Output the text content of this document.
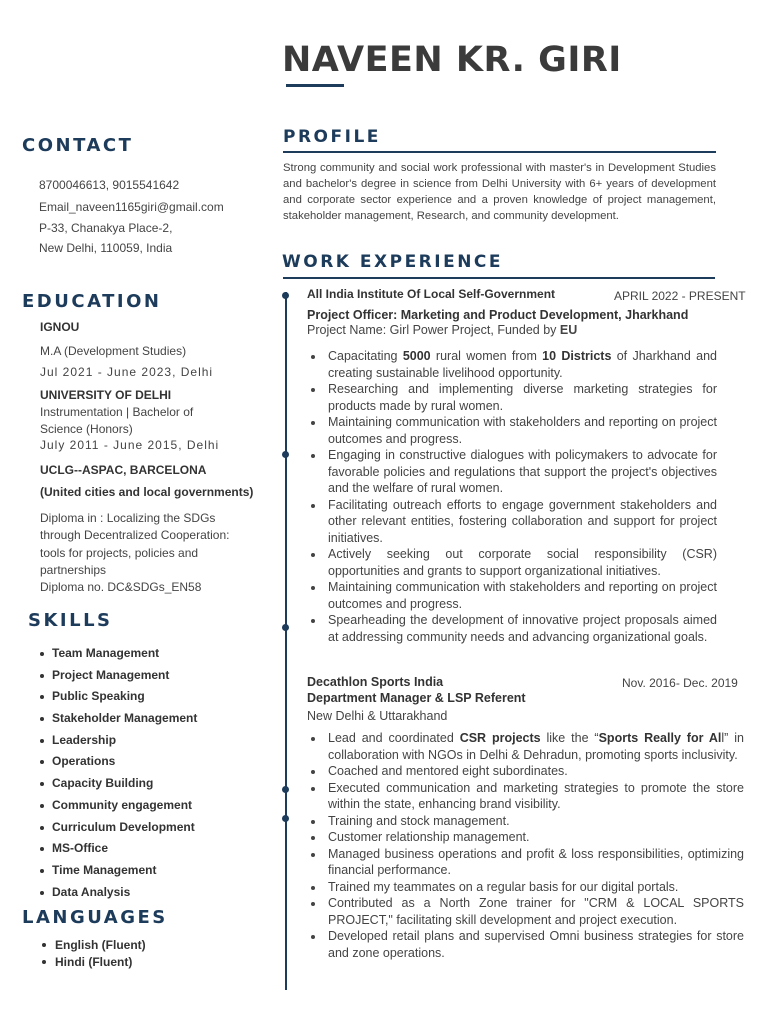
NAVEEN KR. GIRI
CONTACT
8700046613, 9015541642
Email_naveen1165giri@gmail.com
P-33, Chanakya Place-2,
New Delhi, 110059, India
EDUCATION
IGNOU
M.A (Development Studies)
Jul 2021 - June 2023, Delhi
UNIVERSITY OF DELHI
Instrumentation | Bachelor of
Science (Honors)
July 2011 - June 2015, Delhi
UCLG--ASPAC, BARCELONA
(United cities and local governments)
Diploma in : Localizing the SDGs
through Decentralized Cooperation:
tools for projects, policies and
partnerships
Diploma no. DC&SDGs_EN58
SKILLS
Team Management
Project Management
Public Speaking
Stakeholder Management
Leadership
Operations
Capacity Building
Community engagement
Curriculum Development
MS-Office
Time Management
Data Analysis
LANGUAGES
English (Fluent)
Hindi (Fluent)
PROFILE
Strong community and social work professional with master's in Development Studies and bachelor's degree in science from Delhi University with 6+ years of development and corporate sector experience and a proven knowledge of project management, stakeholder management, Research, and community development.
WORK EXPERIENCE
All India Institute Of Local Self-Government	APRIL 2022 - PRESENT
Project Officer: Marketing and Product Development, Jharkhand
Project Name: Girl Power Project, Funded by EU
Capacitating 5000 rural women from 10 Districts of Jharkhand and creating sustainable livelihood opportunity.
Researching and implementing diverse marketing strategies for products made by rural women.
Maintaining communication with stakeholders and reporting on project outcomes and progress.
Engaging in constructive dialogues with policymakers to advocate for favorable policies and regulations that support the project's objectives and the welfare of rural women.
Facilitating outreach efforts to engage government stakeholders and other relevant entities, fostering collaboration and support for project initiatives.
Actively seeking out corporate social responsibility (CSR) opportunities and grants to support organizational initiatives.
Maintaining communication with stakeholders and reporting on project outcomes and progress.
Spearheading the development of innovative project proposals aimed at addressing community needs and advancing organizational goals.
Decathlon Sports India	Nov. 2016- Dec. 2019
Department Manager & LSP Referent
New Delhi & Uttarakhand
Lead and coordinated CSR projects like the “Sports Really for All” in collaboration with NGOs in Delhi & Dehradun, promoting sports inclusivity.
Coached and mentored eight subordinates.
Executed communication and marketing strategies to promote the store within the state, enhancing brand visibility.
Training and stock management.
Customer relationship management.
Managed business operations and profit & loss responsibilities, optimizing financial performance.
Trained my teammates on a regular basis for our digital portals.
Contributed as a North Zone trainer for "CRM & LOCAL SPORTS PROJECT," facilitating skill development and project execution.
Developed retail plans and supervised Omni business strategies for store and zone operations.
